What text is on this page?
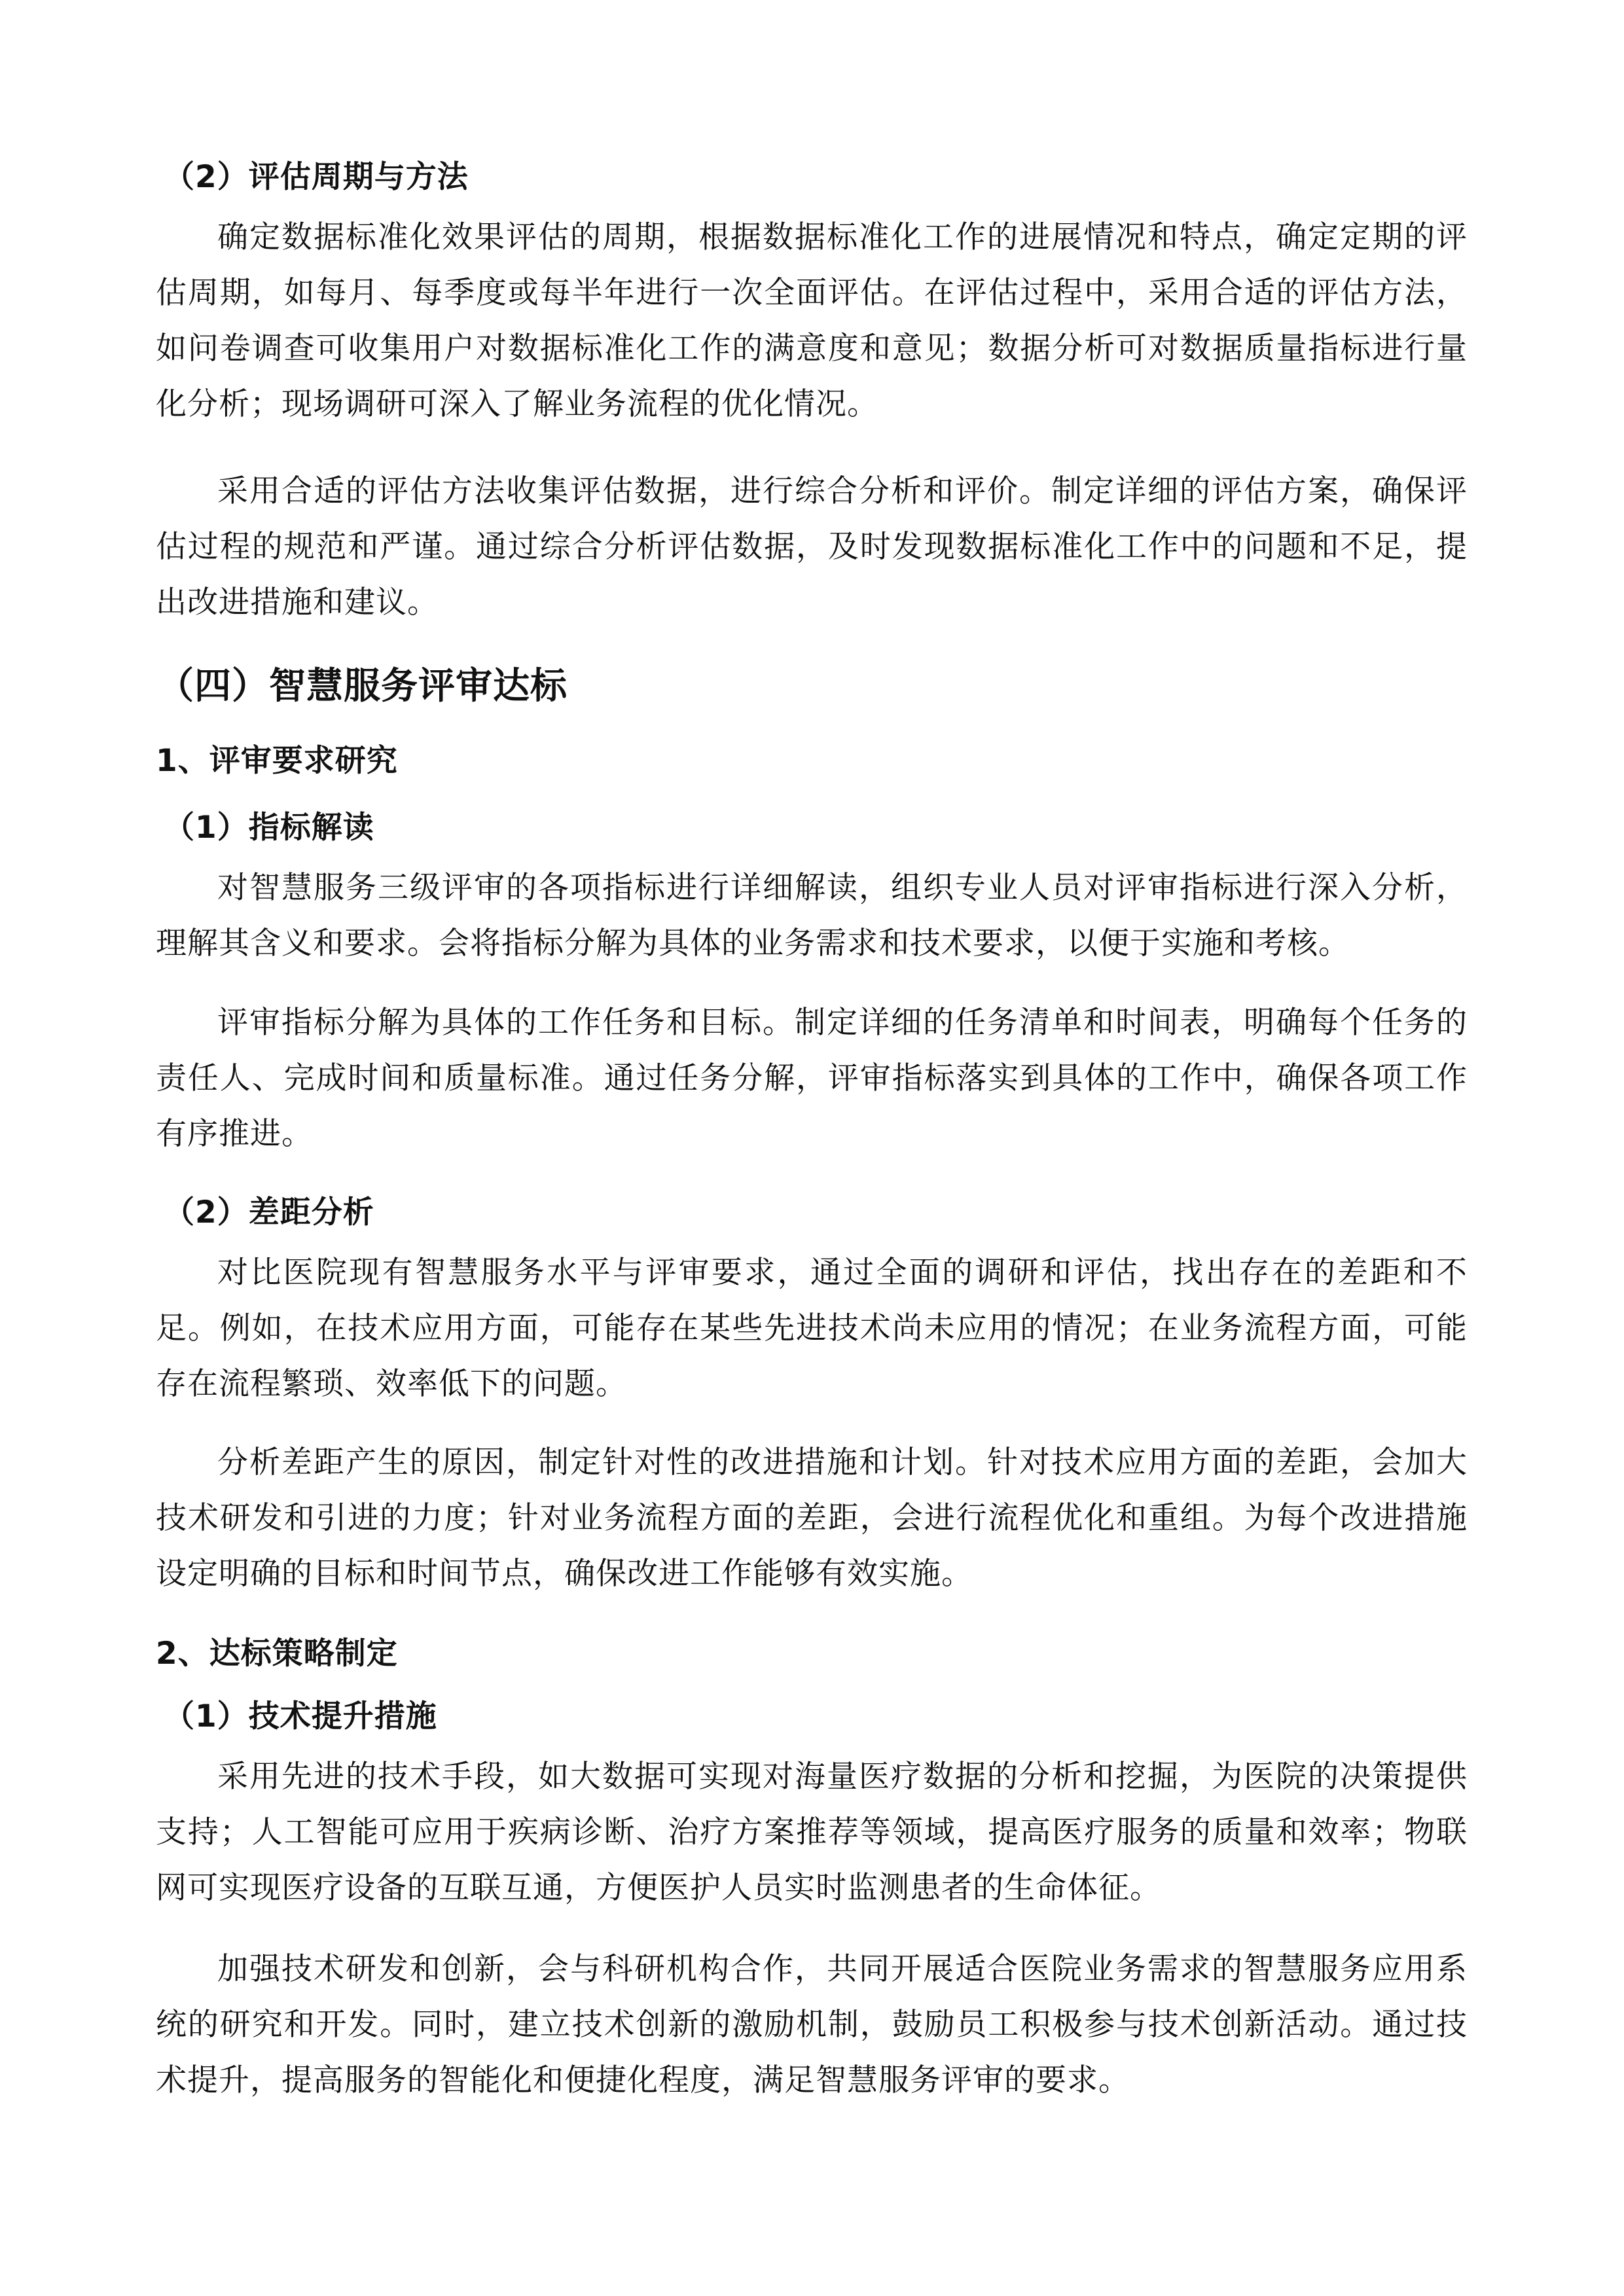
（2）评估周期与方法

确定数据标准化效果评估的周期，根据数据标准化工作的进展情况和特点，确定定期的评估周期，如每月、每季度或每半年进行一次全面评估。在评估过程中，采用合适的评估方法，如问卷调查可收集用户对数据标准化工作的满意度和意见；数据分析可对数据质量指标进行量化分析；现场调研可深入了解业务流程的优化情况。

采用合适的评估方法收集评估数据，进行综合分析和评价。制定详细的评估方案，确保评估过程的规范和严谨。通过综合分析评估数据，及时发现数据标准化工作中的问题和不足，提出改进措施和建议。

（四）智慧服务评审达标

1、评审要求研究

（1）指标解读

对智慧服务三级评审的各项指标进行详细解读，组织专业人员对评审指标进行深入分析，理解其含义和要求。会将指标分解为具体的业务需求和技术要求，以便于实施和考核。

评审指标分解为具体的工作任务和目标。制定详细的任务清单和时间表，明确每个任务的责任人、完成时间和质量标准。通过任务分解，评审指标落实到具体的工作中，确保各项工作有序推进。

（2）差距分析

对比医院现有智慧服务水平与评审要求，通过全面的调研和评估，找出存在的差距和不足。例如，在技术应用方面，可能存在某些先进技术尚未应用的情况；在业务流程方面，可能存在流程繁琐、效率低下的问题。

分析差距产生的原因，制定针对性的改进措施和计划。针对技术应用方面的差距，会加大技术研发和引进的力度；针对业务流程方面的差距，会进行流程优化和重组。为每个改进措施设定明确的目标和时间节点，确保改进工作能够有效实施。

2、达标策略制定

（1）技术提升措施

采用先进的技术手段，如大数据可实现对海量医疗数据的分析和挖掘，为医院的决策提供支持；人工智能可应用于疾病诊断、治疗方案推荐等领域，提高医疗服务的质量和效率；物联网可实现医疗设备的互联互通，方便医护人员实时监测患者的生命体征。

加强技术研发和创新，会与科研机构合作，共同开展适合医院业务需求的智慧服务应用系统的研究和开发。同时，建立技术创新的激励机制，鼓励员工积极参与技术创新活动。通过技术提升，提高服务的智能化和便捷化程度，满足智慧服务评审的要求。
